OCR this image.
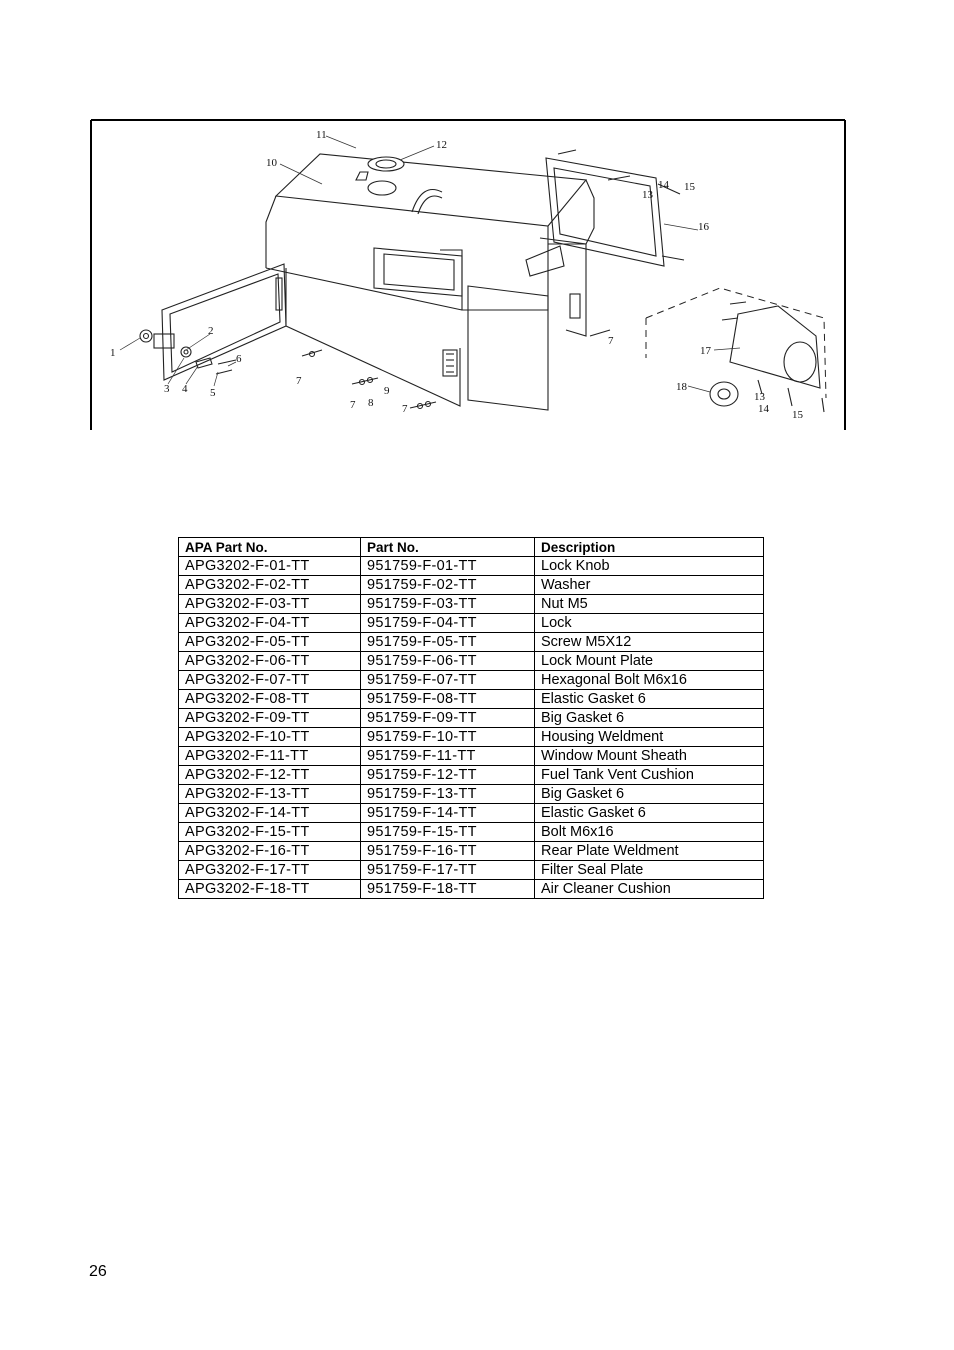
1
2
3 4 5
6
7
7	7
7
8
9
10
11
12
13
13
14
14
15
15
16
17
18
APA Part No.	Part No.	Description
APG3202-F-01-TT	951759-F-01-TT	Lock Knob
APG3202-F-02-TT	951759-F-02-TT	Washer
APG3202-F-03-TT	951759-F-03-TT	Nut M5
APG3202-F-04-TT	951759-F-04-TT	Lock
APG3202-F-05-TT	951759-F-05-TT	Screw M5X12
APG3202-F-06-TT	951759-F-06-TT	Lock Mount Plate
APG3202-F-07-TT	951759-F-07-TT	Hexagonal Bolt M6x16
APG3202-F-08-TT	951759-F-08-TT	Elastic Gasket 6
APG3202-F-09-TT	951759-F-09-TT	Big Gasket 6
APG3202-F-10-TT	951759-F-10-TT	Housing Weldment
APG3202-F-11-TT	951759-F-11-TT	Window Mount Sheath
APG3202-F-12-TT	951759-F-12-TT	Fuel Tank Vent Cushion
APG3202-F-13-TT	951759-F-13-TT	Big Gasket 6
APG3202-F-14-TT	951759-F-14-TT	Elastic Gasket 6
APG3202-F-15-TT	951759-F-15-TT	Bolt M6x16
APG3202-F-16-TT	951759-F-16-TT	Rear Plate Weldment
APG3202-F-17-TT	951759-F-17-TT	Filter Seal Plate
APG3202-F-18-TT	951759-F-18-TT	Air Cleaner Cushion
26
